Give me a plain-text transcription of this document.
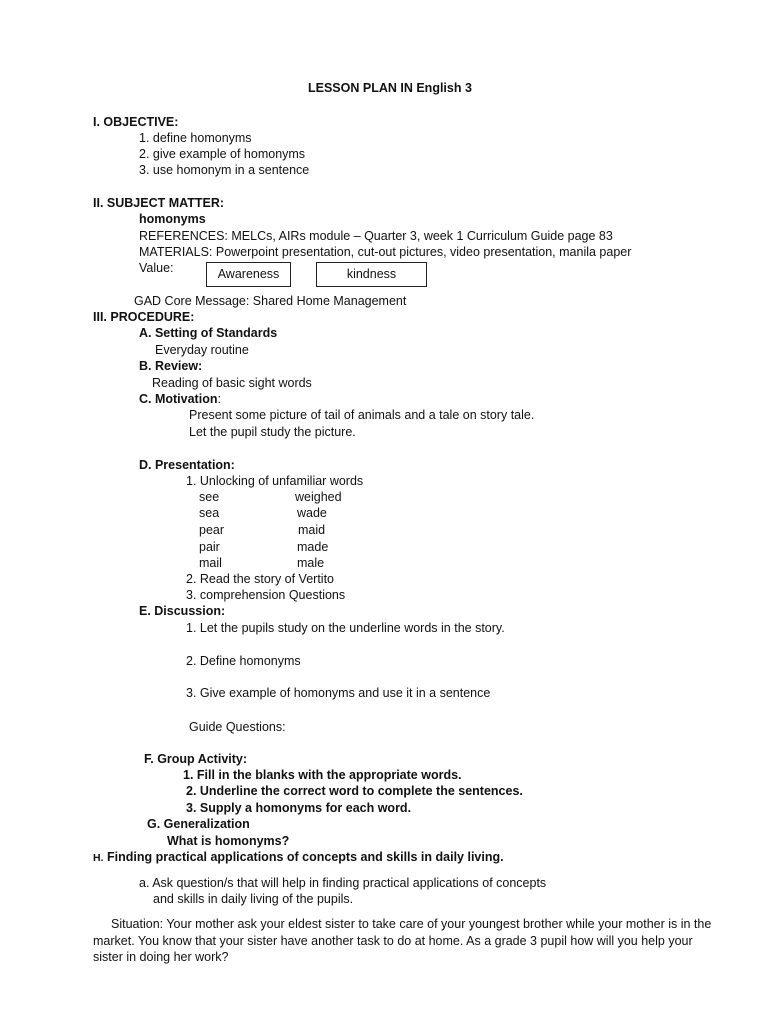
LESSON PLAN IN English 3
I. OBJECTIVE:
1. define homonyms
2. give example of homonyms
3. use homonym in a sentence
II. SUBJECT MATTER:
homonyms
REFERENCES: MELCs, AIRs module – Quarter 3, week 1 Curriculum Guide page 83
MATERIALS: Powerpoint presentation, cut-out pictures, video presentation, manila paper
Value:	Awareness	kindness
GAD Core Message: Shared Home Management
III. PROCEDURE:
A. Setting of Standards
Everyday routine
B. Review:
Reading of basic sight words
C. Motivation:
Present some picture of tail of animals and a tale on story tale.
Let the pupil study the picture.
D. Presentation:
1. Unlocking of unfamiliar words
see	weighed
sea	wade
pear	maid
pair	made
mail	male
2. Read the story of Vertito
3. comprehension Questions
E. Discussion:
1. Let the pupils study on the underline words in the story.
2. Define homonyms
3. Give example of homonyms and use it in a sentence
Guide Questions:
F. Group Activity:
1. Fill in the blanks with the appropriate words.
2. Underline the correct word to complete the sentences.
3. Supply a homonyms for each word.
G. Generalization
What is homonyms?
H. Finding practical applications of concepts and skills in daily living.
a. Ask question/s that will help in finding practical applications of concepts
and skills in daily living of the pupils.
Situation: Your mother ask your eldest sister to take care of your youngest brother while your mother is in the market. You know that your sister have another task to do at home. As a grade 3 pupil how will you help your sister in doing her work?
